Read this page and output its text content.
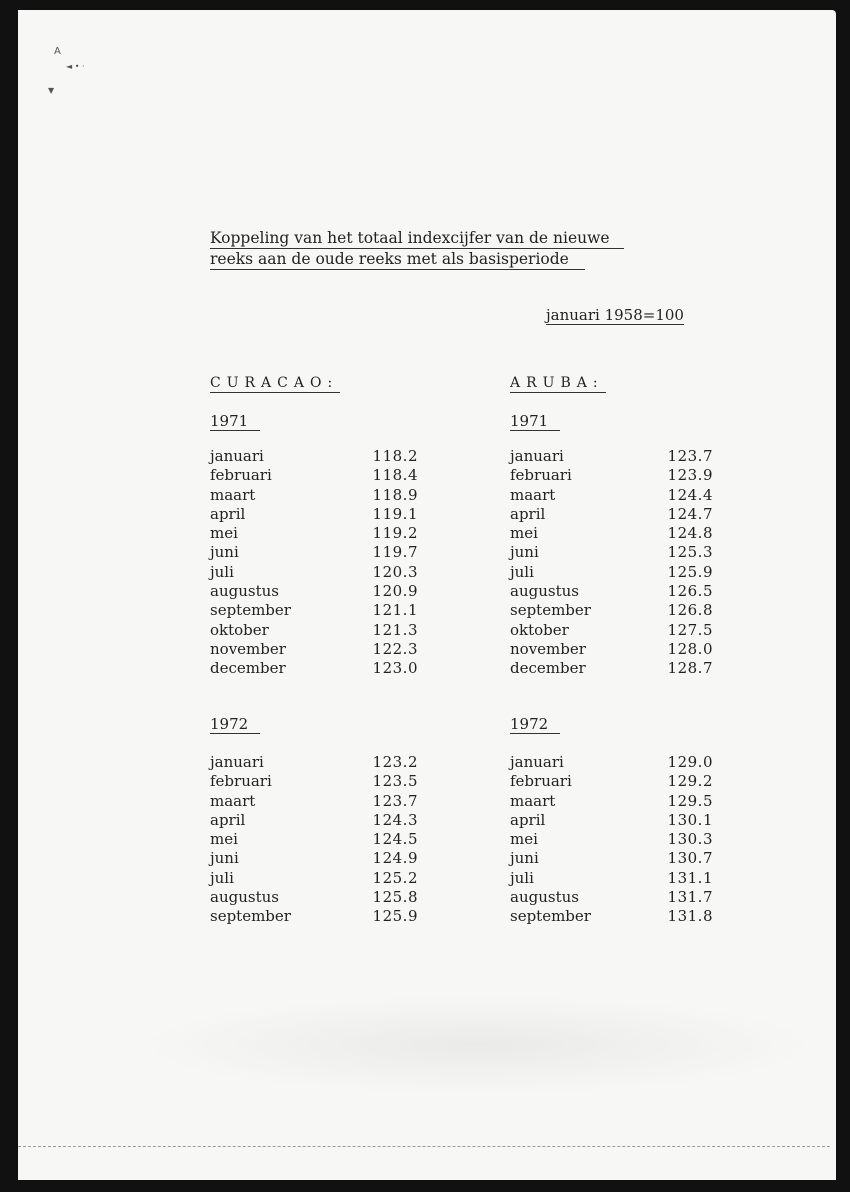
A
◄ • ·
▼
Koppeling van het totaal indexcijfer van de nieuwe
reeks aan de oude reeks met als basisperiode
januari 1958=100
CURACAO:
1971
januari	118.2
februari	118.4
maart	118.9
april	119.1
mei	119.2
juni	119.7
juli	120.3
augustus	120.9
september	121.1
oktober	121.3
november	122.3
december	123.0
1972
januari	123.2
februari	123.5
maart	123.7
april	124.3
mei	124.5
juni	124.9
juli	125.2
augustus	125.8
september	125.9
ARUBA:
1971
januari	123.7
februari	123.9
maart	124.4
april	124.7
mei	124.8
juni	125.3
juli	125.9
augustus	126.5
september	126.8
oktober	127.5
november	128.0
december	128.7
1972
januari	129.0
februari	129.2
maart	129.5
april	130.1
mei	130.3
juni	130.7
juli	131.1
augustus	131.7
september	131.8
